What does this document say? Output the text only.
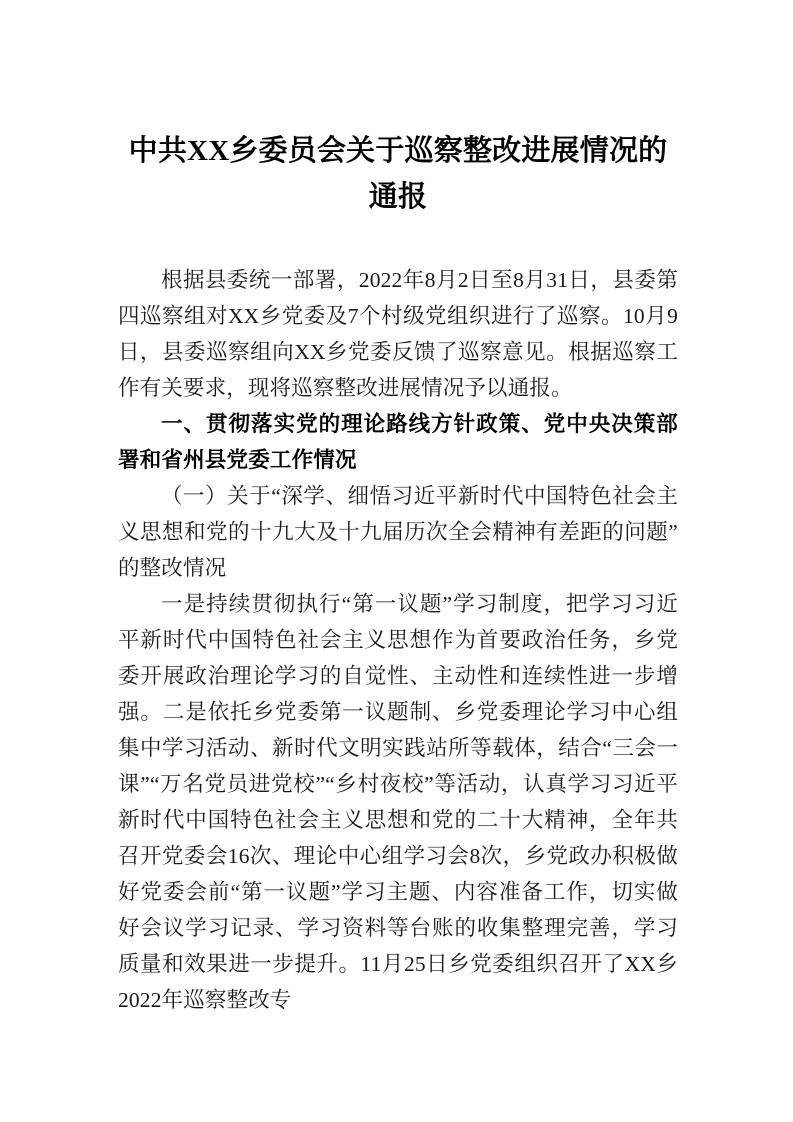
中共XX乡委员会关于巡察整改进展情况的
通报

根据县委统一部署，2022年8月2日至8月31日，县委第四巡察组对XX乡党委及7个村级党组织进行了巡察。10月9日，县委巡察组向XX乡党委反馈了巡察意见。根据巡察工作有关要求，现将巡察整改进展情况予以通报。

一、贯彻落实党的理论路线方针政策、党中央决策部署和省州县党委工作情况

（一）关于“深学、细悟习近平新时代中国特色社会主义思想和党的十九大及十九届历次全会精神有差距的问题”的整改情况

一是持续贯彻执行“第一议题”学习制度，把学习习近平新时代中国特色社会主义思想作为首要政治任务，乡党委开展政治理论学习的自觉性、主动性和连续性进一步增强。二是依托乡党委第一议题制、乡党委理论学习中心组集中学习活动、新时代文明实践站所等载体，结合“三会一课”“万名党员进党校”“乡村夜校”等活动，认真学习习近平新时代中国特色社会主义思想和党的二十大精神，全年共召开党委会16次、理论中心组学习会8次，乡党政办积极做好党委会前“第一议题”学习主题、内容准备工作，切实做好会议学习记录、学习资料等台账的收集整理完善，学习质量和效果进一步提升。11月25日乡党委组织召开了XX乡2022年巡察整改专
